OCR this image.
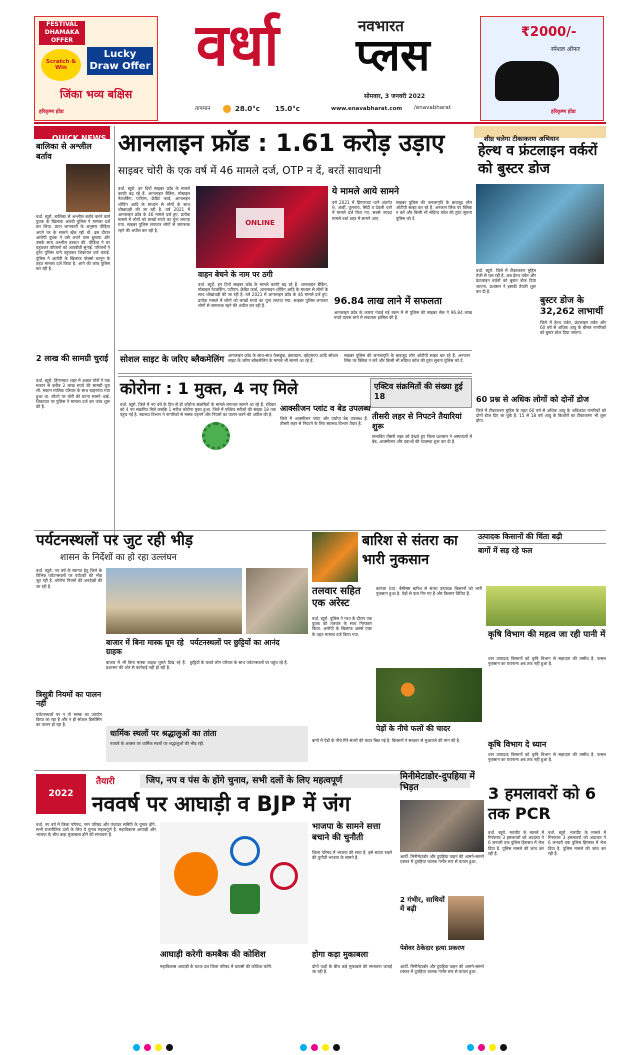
FESTIVAL DHAMAKA OFFER
Scratch & Win
Lucky Draw Offer
जिंका भव्य बक्षिस
हरिकृष्ण होंडा
वर्धा	नवभारत
प्लस	₹2000/-
स्पेशल ऑफर
हरिकृष्ण होंडा
तापमान	28.0°c 15.0°c	www.enavabharat.com
सोमवार, 3 जनवरी 2022
/enavabharat
QUICK NEWS
बालिका से अश्लील बर्ताव
वर्धा. ब्यूरो. बालिका से अश्लील बर्ताव करने वाले युवक के खिलाफ आरवी पुलिस ने मामला दर्ज कर लिया. प्राप्त जानकारी के अनुसार पीड़िता अपने घर के सामने खेल रही थी. इस दौरान आरोपी युवक ने उसे अपने पास बुलाया और उसके साथ अश्लील हरकत की. पीड़िता ने घर पहुंचकर परिजनों को आपबीती सुनाई. परिजनों ने तुरंत पुलिस थाने पहुंचकर शिकायत दर्ज कराई. पुलिस ने आरोपी के खिलाफ पोक्सो कानून के तहत मामला दर्ज किया है. आगे की जांच पुलिस कर रही है.
2 लाख की सामग्री चुराई
वर्धा. ब्यूरो. हिंगणघाट शहर में अज्ञात चोरों ने एक मकान से करीब 2 लाख रुपये की सामग्री चुरा ली. मकान मालिक परिवार के साथ बाहरगांव गया हुआ था. लौटने पर चोरी की घटना सामने आई. शिकायत पर पुलिस ने मामला दर्ज कर जांच शुरू की है.
आनलाइन फ्रॉड : 1.61 करोड़ उड़ाए
साइबर चोरी के एक वर्ष में 46 मामले दर्ज, OTP न दें, बरतें सावधानी
वर्धा. ब्यूरो. इन दिनों साइबर फ्रॉड के मामले काफी बढ़ रहे हैं. आनलाइन बैंकिंग, मोबाइल नेटवर्किंग, एटीएम, क्रेडिट कार्ड, आनलाइन शॉपिंग आदि के माध्यम से लोगों के साथ धोखाधड़ी की जा रही है. वर्ष 2021 में आनलाइन फ्रॉड के 46 मामले दर्ज हुए. प्रत्येक मामले में लोगों को लाखों रुपये का चूना लगाया गया. साइबर पुलिस लगातार लोगों से जागरूक रहने की अपील कर रही है.
ONLINE
वाहन बेचने के नाम पर ठगी
वर्धा. ब्यूरो. इन दिनों साइबर फ्रॉड के मामले काफी बढ़ रहे हैं. आनलाइन बैंकिंग, मोबाइल नेटवर्किंग, एटीएम, क्रेडिट कार्ड, आनलाइन शॉपिंग आदि के माध्यम से लोगों के साथ धोखाधड़ी की जा रही है. वर्ष 2021 में आनलाइन फ्रॉड के 46 मामले दर्ज हुए. प्रत्येक मामले में लोगों को लाखों रुपये का चूना लगाया गया. साइबर पुलिस लगातार लोगों से जागरूक रहने की अपील कर रही है.
ये मामले आये सामने
वर्ष 2021 में हिंगणघाट थाने अंतर्गत 9, आर्वी, पुलगांव, सिंदी व देवली थाने में मामले दर्ज किए गए. सबसे ज्यादा मामले वर्धा शहर में सामने आए.
साइबर पुलिस की जनजागृति के बावजूद लोग ओटीपी साझा कर रहे हैं. अनजान लिंक पर क्लिक न करें और किसी भी संदिग्ध कॉल की तुरंत सूचना पुलिस को दें.
96.84 लाख लाने में सफलता
आनलाइन फ्रॉड के कारण गंवाई गई रकम में से पुलिस की साइबर सेल ने 96.84 लाख रुपये वापस लाने में सफलता हासिल की है.
सोशल साइट के जरिए ब्लैकमेलिंग आनलाइन फ्रॉड के साथ-साथ फेसबुक, इंस्टाग्राम, व्हॉट्सएप आदि सोशल साइट के जरिए ब्लैकमेलिंग के मामले भी सामने आ रहे हैं.
साइबर पुलिस की जनजागृति के बावजूद लोग ओटीपी साझा कर रहे हैं. अनजान लिंक पर क्लिक न करें और किसी भी संदिग्ध कॉल की तुरंत सूचना पुलिस को दें.
शीघ्र चलेगा टीकाकरण अभियान
हेल्थ व फ्रंटलाइन वर्करों को बुस्टर डोज
वर्धा. ब्यूरो. जिले में टीकाकरण मुहिम तेजी से चल रही है. अब हेल्थ वर्कर और फ्रंटलाइन वर्करों को बुस्टर डोज दिया जाएगा. प्रशासन ने इसकी तैयारी शुरू कर दी है.
बुस्टर डोज के 32,262 लाभार्थी
जिले में हेल्थ वर्कर, फ्रंटलाइन वर्कर और 60 वर्ष से अधिक आयु के बीमार नागरिकों को बुस्टर डोज दिया जाएगा.
60 प्रश्न से अधिक लोगों को दोनों डोज
जिले में टीकाकरण मुहिम के तहत 60 वर्ष से अधिक आयु के अधिकांश नागरिकों को दोनों डोज दिए जा चुके हैं. 15 से 18 वर्ष आयु के किशोरों का टीकाकरण भी शुरू होगा.
कोरोना : 1 मुक्त, 4 नए मिले
वर्धा. ब्यूरो. जिले में नए वर्ष के दिन से ही कोरोना संक्रमितों के मामले लगातार सामने आ रहे हैं. रविवार को 4 नए संक्रमित मिले जबकि 1 मरीज कोरोना मुक्त हुआ. जिले में एक्टिव मरीजों की संख्या 18 तक पहुंच गई है. स्वास्थ्य विभाग ने नागरिकों से मास्क पहनने और नियमों का पालन करने की अपील की है.
एक्टिव संक्रमितों की संख्या हुई 18
आक्सीजन प्लांट व बेड उपलब्ध
जिले में आक्सीजन प्लांट और पर्याप्त बेड उपलब्ध हैं. तीसरी लहर से निपटने के लिए स्वास्थ्य विभाग तैयार है.
तीसरी लहर से निपटने तैयारियां शुरू
संभावित तीसरी लहर को देखते हुए जिला प्रशासन ने अस्पतालों में बेड, आक्सीजन और दवाओं की व्यवस्था शुरू कर दी है.
पर्यटनस्थलों पर जुट रही भीड़
शासन के निर्देशों का हो रहा उल्लंघन
वर्धा. ब्यूरो. नए वर्ष के स्वागत हेतु जिले के विभिन्न पर्यटनस्थलों पर पर्यटकों की भीड़ जुट रही है. कोरोना नियमों की अनदेखी की जा रही है.
त्रिसूत्री नियमों का पालन नहीं
पर्यटनस्थलों पर न तो मास्क का उपयोग किया जा रहा है और न ही सोशल डिस्टेंसिंग का पालन हो रहा है.
बाजार में बिना मास्क घूम रहे ग्राहक
बाजार में भी बिना मास्क ग्राहक घूमते दिख रहे हैं. प्रशासन की ओर से कार्रवाई नहीं हो रही है.
पर्यटनस्थलों पर छुट्टियों का आनंद
छुट्टियों के चलते लोग परिवार के साथ पर्यटनस्थलों पर पहुंच रहे हैं.
धार्मिक स्थलों पर श्रद्धालुओं का तांता
नववर्ष के अवसर पर धार्मिक स्थलों पर श्रद्धालुओं की भीड़ रही.
बारिश से संतरा का भारी नुकसान
उत्पादक किसानों की चिंता बढ़ी
बागों में सड़ रहे फल
तलवार सहित एक अरेस्ट
वर्धा. ब्यूरो. पुलिस ने गश्त के दौरान एक युवक को तलवार के साथ गिरफ्तार किया. आरोपी के खिलाफ आर्म्स एक्ट के तहत मामला दर्ज किया गया.
कारंजा (घा). बेमौसम बारिश से संतरा उत्पादक किसानों को भारी नुकसान हुआ है. पेड़ों से फल गिर गए हैं और किसान चिंतित हैं.
पेड़ों के नीचे फलों की चादर
बागों में पेड़ों के नीचे गिरे संतरों की चादर बिछ गई है. किसानों ने सरकार से मुआवजे की मांग की है.
कृषि विभाग की महत्व जा रही पानी में
धान उत्पादक किसानों को कृषि विभाग से सहायता की उम्मीद है. फसल नुकसान का पंचनामा अब तक नहीं हुआ है.
कृषि विभाग दे ध्यान
धान उत्पादक किसानों को कृषि विभाग से सहायता की उम्मीद है. फसल नुकसान का पंचनामा अब तक नहीं हुआ है.
2022
तैयारी	जिप, नप व पंस के होंगे चुनाव, सभी दलों के लिए महत्वपूर्ण
नववर्ष पर आघाड़ी व BJP में जंग
वर्धा. नए वर्ष में जिला परिषद, नगर परिषद और पंचायत समिति के चुनाव होंगे. सभी राजनीतिक दलों के लिए ये चुनाव महत्वपूर्ण हैं. महाविकास आघाड़ी और भाजपा के बीच कड़ा मुकाबला होने की संभावना है.
आघाड़ी करेगी कमबैक की कोशिश
महाविकास आघाड़ी के घटक दल जिला परिषद में वापसी की कोशिश करेंगे.
भाजपा के सामने सत्ता बचाने की चुनौती
जिला परिषद में भाजपा की सत्ता है. इसे बचाए रखने की चुनौती भाजपा के सामने है.
होगा कड़ा मुकाबला
दोनों पक्षों के बीच कड़े मुकाबले की संभावना जताई जा रही है.
मिनीमेटाडोर-दुपहिया में भिड़त
आर्वी. मिनीमेटाडोर और दुपहिया वाहन की आमने-सामने टक्कर में दुपहिया चालक गंभीर रूप से घायल हुआ.
2 गंभीर, साथियों में बढ़ी
पेशेवर ठेकेदार हत्या प्रकरण
आर्वी. मिनीमेटाडोर और दुपहिया वाहन की आमने-सामने टक्कर में दुपहिया चालक गंभीर रूप से घायल हुआ.
3 हमलावरों को 6 तक PCR
वर्धा. ब्यूरो. मारपीट के मामले में गिरफ्तार 3 हमलावरों को अदालत ने 6 जनवरी तक पुलिस हिरासत में भेज दिया है. पुलिस मामले की जांच कर रही है.
वर्धा. ब्यूरो. मारपीट के मामले में गिरफ्तार 3 हमलावरों को अदालत ने 6 जनवरी तक पुलिस हिरासत में भेज दिया है. पुलिस मामले की जांच कर रही है.
